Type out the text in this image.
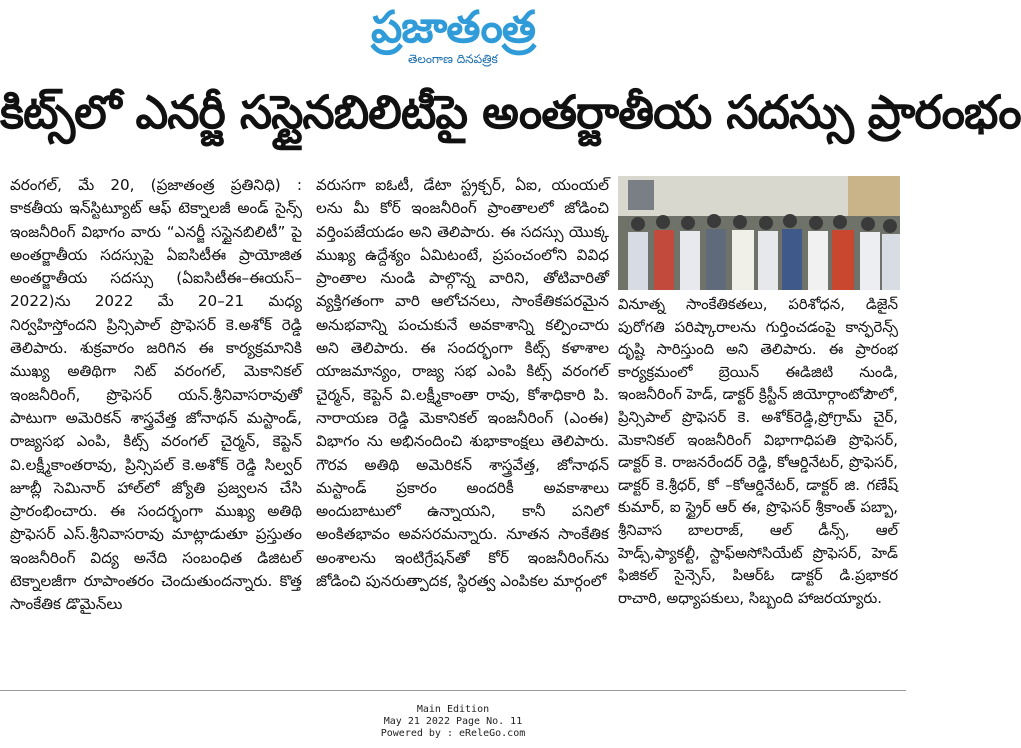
ప్రజాతంత్ర
తెలంగాణ దినపత్రిక
కిట్స్‌లో ఎనర్జీ సస్టైనబిలిటీపై అంతర్జాతీయ సదస్సు ప్రారంభం

వరంగల్, మే 20, (ప్రజాతంత్ర ప్రతినిధి) : కాకతీయ ఇన్‌స్టిట్యూట్ ఆఫ్ టెక్నాలజీ అండ్ సైన్స్ ఇంజనీరింగ్ విభాగం వారు “ఎనర్జీ సస్టైనబిలిటీ” పై అంతర్జాతీయ సదస్సుపై ఏఐసిటీఈ ప్రాయోజిత అంతర్జాతీయ సదస్సు (ఏఐసిటీఈ–ఈయస్–2022)ను 2022 మే 20–21 మధ్య నిర్వహిస్తోందని ప్రిన్సిపాల్ ప్రొఫెసర్ కె.అశోక్ రెడ్డి తెలిపారు. శుక్రవారం జరిగిన ఈ కార్యక్రమానికి ముఖ్య అతిథిగా నిట్ వరంగల్, మెకానికల్ ఇంజనీరింగ్, ప్రొఫెసర్ యన్.శ్రీనివాసరావుతో పాటుగా అమెరికన్ శాస్త్రవేత్త జోనాథన్ మస్టాండ్, రాజ్యసభ ఎంపి, కిట్స్ వరంగల్ చైర్మన్, కెప్టెన్ వి.లక్ష్మీకాంతరావు, ప్రిన్సిపల్ కె.అశోక్ రెడ్డి సిల్వర్ జూబ్లీ సెమినార్ హాల్‌లో జ్యోతి ప్రజ్వలన చేసి ప్రారంభించారు. ఈ సందర్భంగా ముఖ్య అతిథి ప్రొఫెసర్ ఎస్.శ్రీనివాసరావు మాట్లాడుతూ ప్రస్తుతం ఇంజనీరింగ్ విద్య అనేది సంబంధిత డిజిటల్ టెక్నాలజీగా రూపాంతరం చెందుతుందన్నారు. కొత్త సాంకేతిక డొమైన్‌లు

వరుసగా ఐఓటీ, డేటా స్ట్రక్చర్, ఏఐ, యంయల్ లను మీ కోర్ ఇంజనీరింగ్ ప్రాంతాలలో జోడించి వర్తింపజేయడం అని తెలిపారు. ఈ సదస్సు యొక్క ముఖ్య ఉద్దేశ్యం ఏమిటంటే, ప్రపంచంలోని వివిధ ప్రాంతాల నుండి పాల్గొన్న వారిని, తోటివారితో వ్యక్తిగతంగా వారి ఆలోచనలు, సాంకేతికపరమైన అనుభవాన్ని పంచుకునే అవకాశాన్ని కల్పించారు అని తెలిపారు. ఈ సందర్భంగా కిట్స్ కళాశాల యాజమాన్యం, రాజ్య సభ ఎంపి కిట్స్ వరంగల్ చైర్మన్, కెప్టెన్ వి.లక్ష్మీకాంతా రావు, కోశాధికారి పి. నారాయణ రెడ్డి మెకానికల్ ఇంజనీరింగ్ (ఎంఈ) విభాగం ను అభినందించి శుభాకాంక్షలు తెలిపారు. గౌరవ అతిథి అమెరికన్ శాస్త్రవేత్త, జోనాథన్ మస్టాండ్ ప్రకారం అందరికీ అవకాశాలు అందుబాటులో ఉన్నాయని, కానీ పనిలో అంకితభావం అవసరమన్నారు. నూతన సాంకేతిక అంశాలను ఇంటిగ్రేషన్‌తో కోర్ ఇంజనీరింగ్‌ను జోడించి పునరుత్పాదక, స్థిరత్వ ఎంపికల మార్గంలో

వినూత్న సాంకేతికతలు, పరిశోధన, డిజైన్ పురోగతి పరిష్కారాలను గుర్తించడంపై కాన్ఫరెన్స్ దృష్టి సారిస్తుంది అని తెలిపారు. ఈ ప్రారంభ కార్యక్రమంలో బ్రెయిన్ ఈడిజిటి నుండి, ఇంజనీరింగ్ హెడ్, డాక్టర్ క్రిస్టీన్ జియోర్గాంటోపౌలో, ప్రిన్సిపాల్ ప్రొఫెసర్ కె. అశోక్‌రెడ్డి,ప్రోగ్రామ్ చైర్, మెకానికల్ ఇంజనీరింగ్ విభాగాధిపతి ప్రొఫెసర్, డాక్టర్ కె. రాజనరేందర్ రెడ్డి, కోఆర్డినేటర్, ప్రొఫెసర్, డాక్టర్ కె.శ్రీధర్, కో –కోఆర్డినేటర్, డాక్టర్ జి. గణేష్ కుమార్, ఐ స్ట్రైర్ ఆర్ ఈ, ప్రొఫెసర్ శ్రీకాంత్ పబ్బా, శ్రీనివాస బాలరాజ్, ఆల్ డీన్స్, ఆల్ హెడ్స్,ఫ్యాకల్టీ, స్టాఫ్‌అసోసియేట్ ప్రొఫెసర్, హెడ్ ఫిజికల్ సైన్సెస్, పిఆర్‌ఓ డాక్టర్ డి.ప్రభాకర రాచారి, అధ్యాపకులు, సిబ్బంది హాజరయ్యారు.

Main Edition
May 21 2022 Page No. 11
Powered by : eReleGo.com
